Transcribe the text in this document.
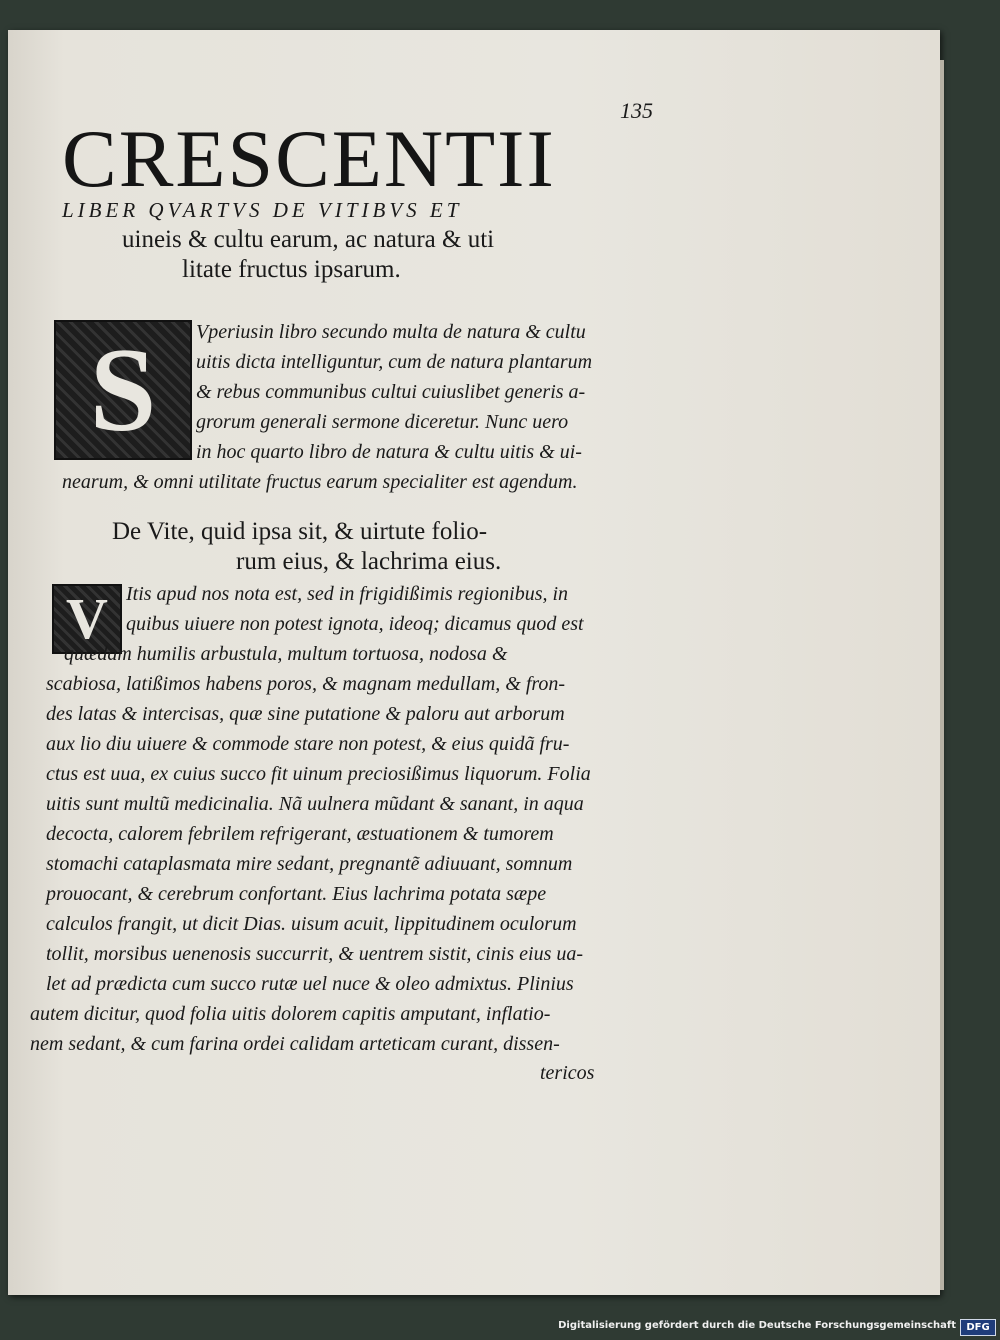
135
CRESCENTII
LIBER QVARTVS DE VITIBVS ET
uineis & cultu earum, ac natura & uti
litate fructus ipsarum.
S	Vperiusin libro secundo multa de natura & cultu
uitis dicta intelliguntur, cum de natura plantarum
& rebus communibus cultui cuiuslibet generis a-
grorum generali sermone diceretur. Nunc uero
in hoc quarto libro de natura & cultu uitis & ui-
nearum, & omni utilitate fructus earum specialiter est agendum.
De Vite, quid ipsa sit, & uirtute folio-
rum eius, & lachrima eius.
V Itis apud nos nota est, sed in frigidißimis regionibus, in
quibus uiuere non potest ignota, ideoq; dicamus quod est
quædam humilis arbustula, multum tortuosa, nodosa &
scabiosa, latißimos habens poros, & magnam medullam, & fron-
des latas & intercisas, quæ sine putatione & paloru aut arborum
aux lio diu uiuere & commode stare non potest, & eius quidã fru-
ctus est uua, ex cuius succo fit uinum preciosißimus liquorum. Folia
uitis sunt multũ medicinalia. Nã uulnera mũdant & sanant, in aqua
decocta, calorem febrilem refrigerant, æstuationem & tumorem
stomachi cataplasmata mire sedant, pregnantẽ adiuuant, somnum
prouocant, & cerebrum confortant. Eius lachrima potata sæpe
calculos frangit, ut dicit Dias. uisum acuit, lippitudinem oculorum
tollit, morsibus uenenosis succurrit, & uentrem sistit, cinis eius ua-
let ad prædicta cum succo rutæ uel nuce & oleo admixtus. Plinius
autem dicitur, quod folia uitis dolorem capitis amputant, inflatio-
nem sedant, & cum farina ordei calidam arteticam curant, dissen-
tericos
Digitalisierung gefördert durch die Deutsche Forschungsgemeinschaft	DFG
